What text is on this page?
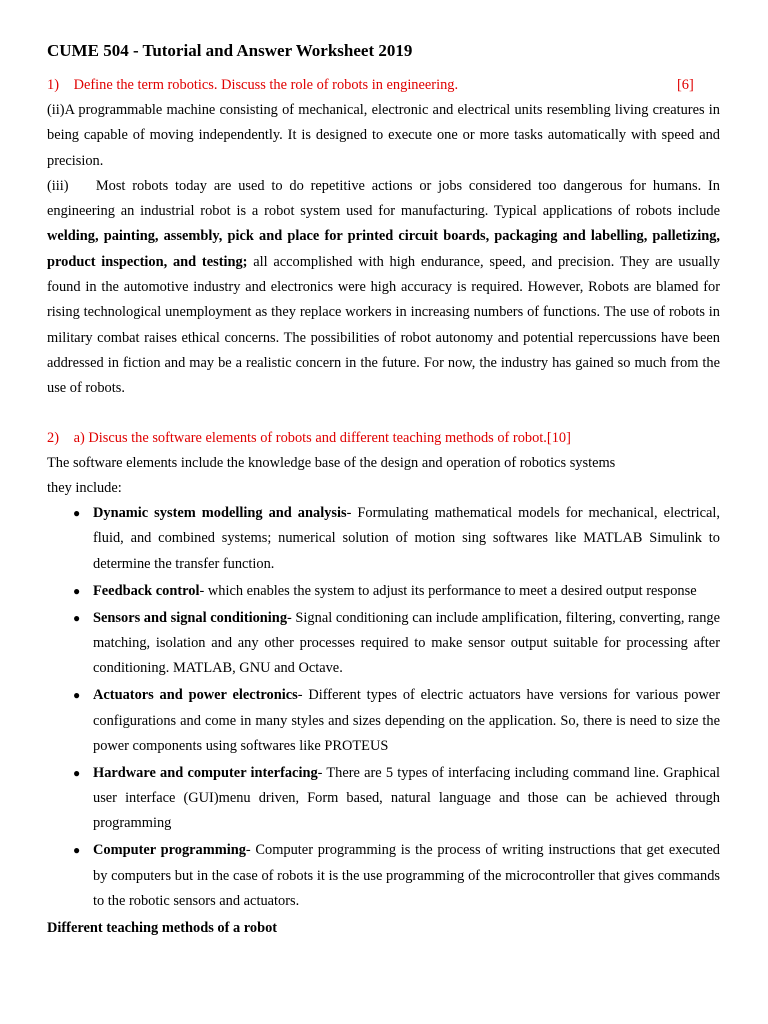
CUME 504 - Tutorial and Answer Worksheet 2019
1) Define the term robotics. Discuss the role of robots in engineering.	[6]

(ii)A programmable machine consisting of mechanical, electronic and electrical units resembling living creatures in being capable of moving independently. It is designed to execute one or more tasks automatically with speed and precision.

(iii)    Most robots today are used to do repetitive actions or jobs considered too dangerous for humans. In engineering an industrial robot is a robot system used for manufacturing. Typical applications of robots include welding, painting, assembly, pick and place for printed circuit boards, packaging and labelling, palletizing, product inspection, and testing; all accomplished with high endurance, speed, and precision. They are usually found in the automotive industry and electronics were high accuracy is required. However, Robots are blamed for rising technological unemployment as they replace workers in increasing numbers of functions. The use of robots in military combat raises ethical concerns. The possibilities of robot autonomy and potential repercussions have been addressed in fiction and may be a realistic concern in the future. For now, the industry has gained so much from the use of robots.

2) a) Discus the software elements of robots and different teaching methods of robot.[10]
The software elements include the knowledge base of the design and operation of robotics systems
they include:
● Dynamic system modelling and analysis- Formulating mathematical models for mechanical, electrical, fluid, and combined systems; numerical solution of motion sing softwares like MATLAB Simulink to determine the transfer function.
● Feedback control- which enables the system to adjust its performance to meet a desired output response
● Sensors and signal conditioning- Signal conditioning can include amplification, filtering, converting, range matching, isolation and any other processes required to make sensor output suitable for processing after conditioning. MATLAB, GNU and Octave.
● Actuators and power electronics- Different types of electric actuators have versions for various power configurations and come in many styles and sizes depending on the application. So, there is need to size the power components using softwares like PROTEUS
● Hardware and computer interfacing- There are 5 types of interfacing including command line. Graphical user interface (GUI)menu driven, Form based, natural language and those can be achieved through programming
● Computer programming- Computer programming is the process of writing instructions that get executed by computers but in the case of robots it is the use programming of the microcontroller that gives commands to the robotic sensors and actuators.
Different teaching methods of a robot
